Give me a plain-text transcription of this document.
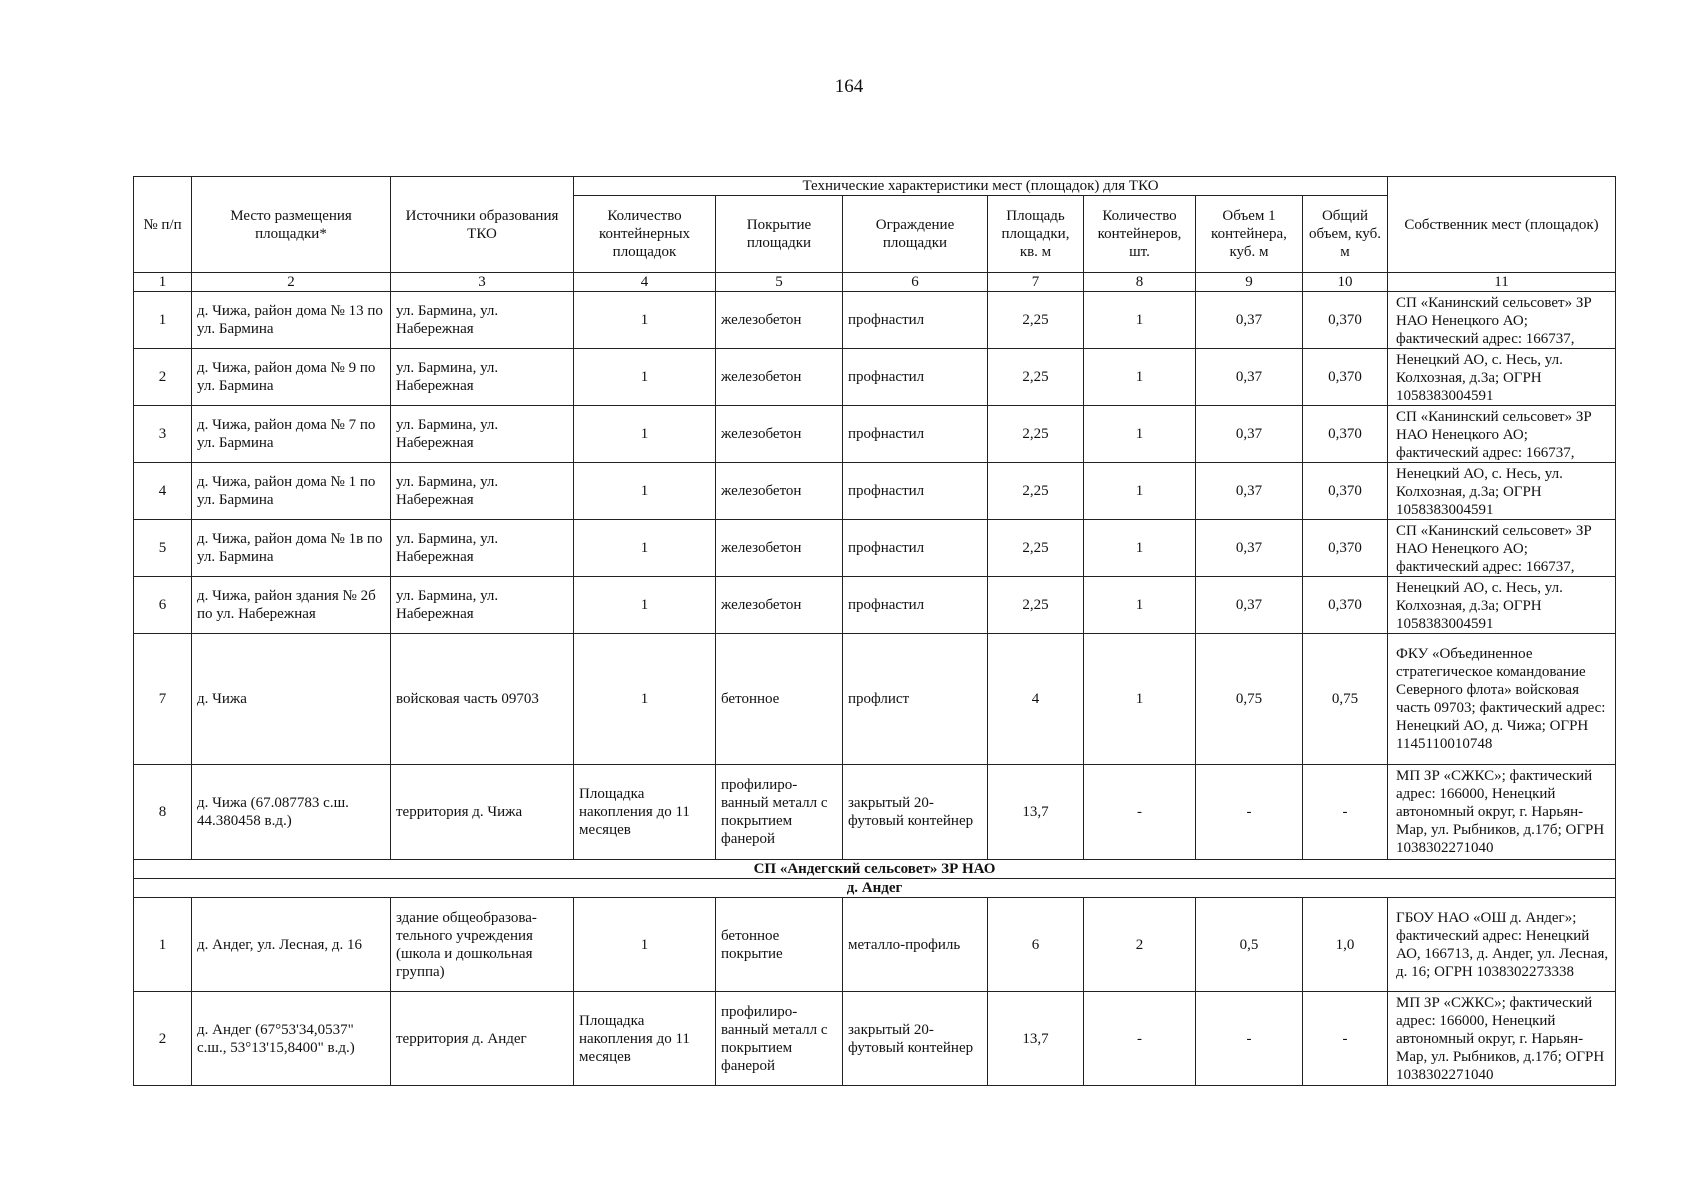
164
№ п/п	Место размещения площадки*	Источники образования ТКО	Технические характеристики мест (площадок) для ТКО							Собственник мест (площадок)
			Количество контейнерных площадок	Покрытие площадки	Ограждение площадки	Площадь площадки, кв. м	Количество контейнеров, шт.	Объем 1 контейнера, куб. м	Общий объем, куб. м	
1	2	3	4	5	6	7	8	9	10	11
1	д. Чижа, район дома № 13 по ул. Бармина	ул. Бармина, ул. Набережная	1	железобетон	профнастил	2,25	1	0,37	0,370	СП «Канинский сельсовет» ЗР НАО Ненецкого АО; фактический адрес: 166737,

2	д. Чижа, район дома № 9 по ул. Бармина	ул. Бармина, ул. Набережная	1	железобетон	профнастил	2,25	1	0,37	0,370	Ненецкий АО, с. Несь, ул. Колхозная, д.3а; ОГРН 1058383004591

3	д. Чижа, район дома № 7 по ул. Бармина	ул. Бармина, ул. Набережная	1	железобетон	профнастил	2,25	1	0,37	0,370	СП «Канинский сельсовет» ЗР НАО Ненецкого АО; фактический адрес: 166737,

4	д. Чижа, район дома № 1 по ул. Бармина	ул. Бармина, ул. Набережная	1	железобетон	профнастил	2,25	1	0,37	0,370	Ненецкий АО, с. Несь, ул. Колхозная, д.3а; ОГРН 1058383004591

5	д. Чижа, район дома № 1в по ул. Бармина	ул. Бармина, ул. Набережная	1	железобетон	профнастил	2,25	1	0,37	0,370	СП «Канинский сельсовет» ЗР НАО Ненецкого АО; фактический адрес: 166737,

6	д. Чижа, район здания № 2б по ул. Набережная	ул. Бармина, ул. Набережная	1	железобетон	профнастил	2,25	1	0,37	0,370	Ненецкий АО, с. Несь, ул. Колхозная, д.3а; ОГРН 1058383004591

7	д. Чижа	войсковая часть 09703	1	бетонное	профлист	4	1	0,75	0,75	ФКУ «Объединенное стратегическое командование Северного флота» войсковая часть 09703; фактический адрес: Ненецкий АО, д. Чижа; ОГРН 1145110010748
8	д. Чижа (67.087783 с.ш. 44.380458 в.д.)	территория д. Чижа	Площадка накопления до 11 месяцев	профилиро-ванный металл с покрытием фанерой	закрытый 20-футовый контейнер	13,7	-	-	-	МП ЗР «СЖКС»; фактический адрес: 166000, Ненецкий автономный округ, г. Нарьян-Мар, ул. Рыбников, д.17б; ОГРН 1038302271040
СП «Андегский сельсовет» ЗР НАО										
д. Андег										
1	д. Андег, ул. Лесная, д. 16	здание общеобразова-тельного учреждения (школа и дошкольная группа)	1	бетонное покрытие	металло-профиль	6	2	0,5	1,0	ГБОУ НАО «ОШ д. Андег»; фактический адрес: Ненецкий АО, 166713, д. Андег, ул. Лесная, д. 16; ОГРН 1038302273338
2	д. Андег (67°53'34,0537" с.ш., 53°13'15,8400" в.д.)	территория д. Андег	Площадка накопления до 11 месяцев	профилиро-ванный металл с покрытием фанерой	закрытый 20-футовый контейнер	13,7	-	-	-	МП ЗР «СЖКС»; фактический адрес: 166000, Ненецкий автономный округ, г. Нарьян-Мар, ул. Рыбников, д.17б; ОГРН 1038302271040
